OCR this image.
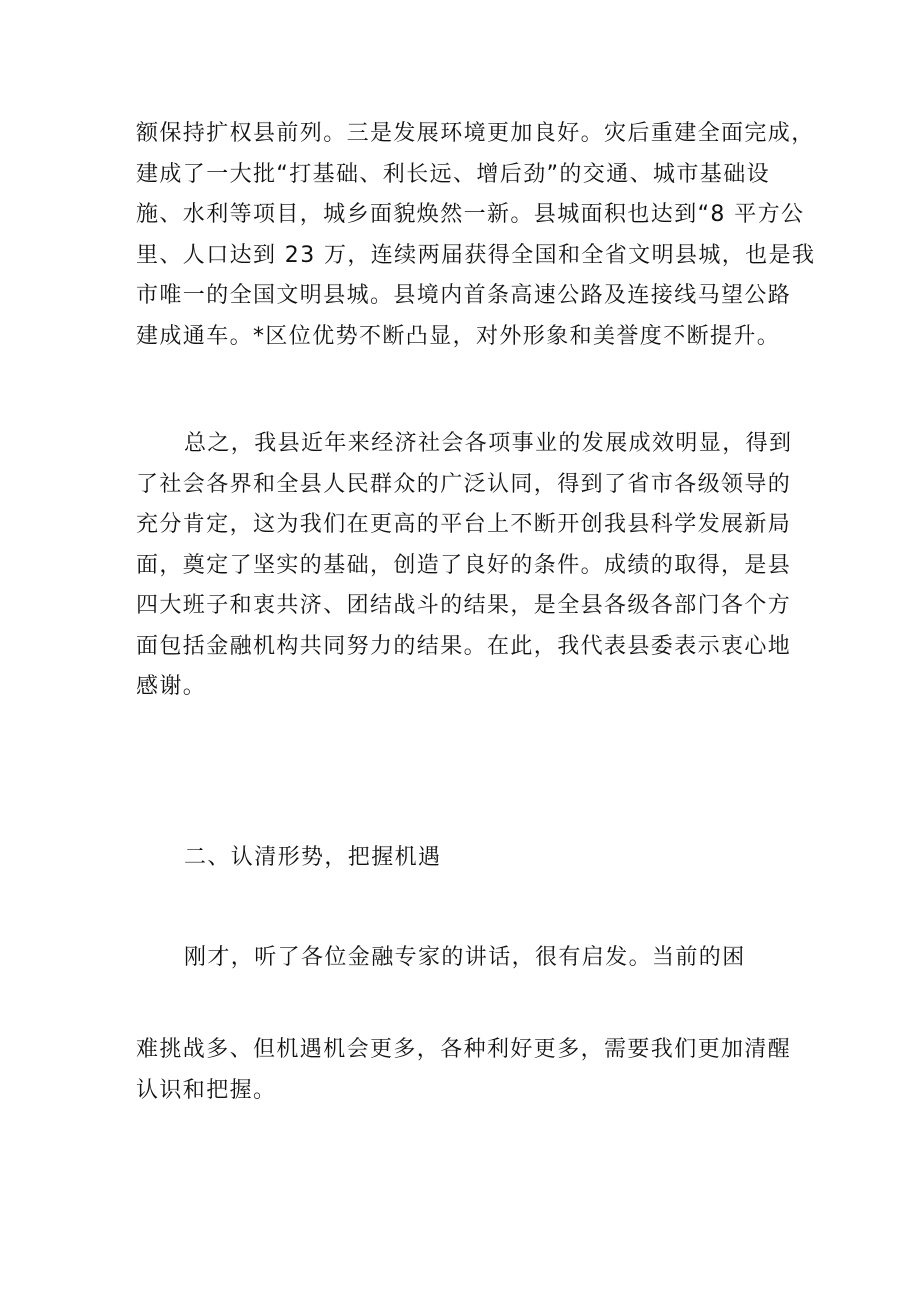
额保持扩权县前列。三是发展环境更加良好。灾后重建全面完成，
建成了一大批“打基础、利长远、增后劲”的交通、城市基础设
施、水利等项目，城乡面貌焕然一新。县城面积也达到“8 平方公
里、人口达到 23 万，连续两届获得全国和全省文明县城，也是我
市唯一的全国文明县城。县境内首条高速公路及连接线马望公路
建成通车。*区位优势不断凸显，对外形象和美誉度不断提升。
总之，我县近年来经济社会各项事业的发展成效明显，得到
了社会各界和全县人民群众的广泛认同，得到了省市各级领导的
充分肯定，这为我们在更高的平台上不断开创我县科学发展新局
面，奠定了坚实的基础，创造了良好的条件。成绩的取得，是县
四大班子和衷共济、团结战斗的结果，是全县各级各部门各个方
面包括金融机构共同努力的结果。在此，我代表县委表示衷心地
感谢。
二、认清形势，把握机遇
刚才，听了各位金融专家的讲话，很有启发。当前的困
难挑战多、但机遇机会更多，各种利好更多，需要我们更加清醒
认识和把握。
